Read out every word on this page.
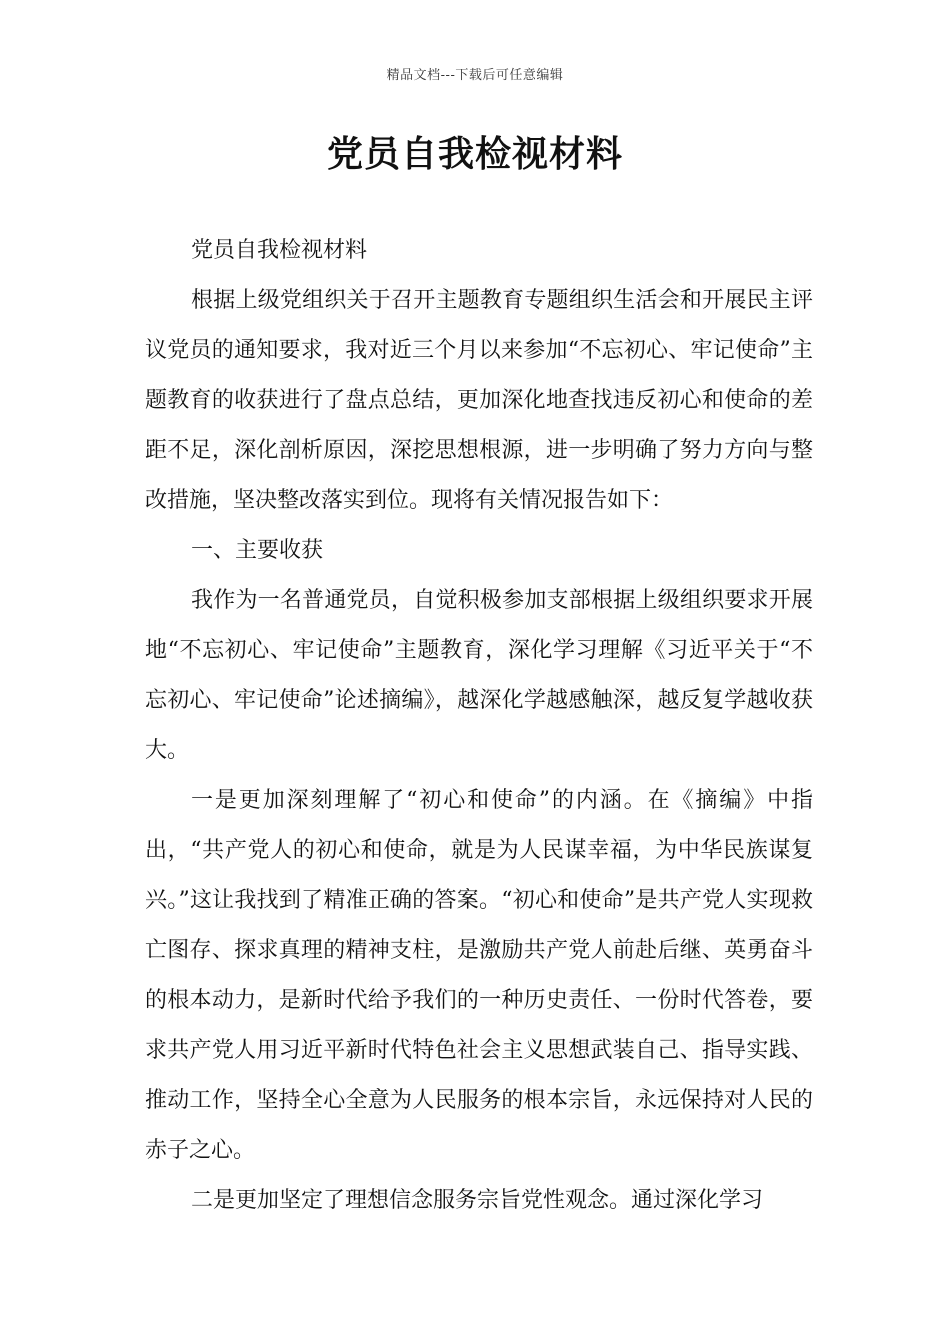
精品文档---下载后可任意编辑
党员自我检视材料

党员自我检视材料

根据上级党组织关于召开主题教育专题组织生活会和开展民主评议党员的通知要求，我对近三个月以来参加“不忘初心、牢记使命”主题教育的收获进行了盘点总结，更加深化地查找违反初心和使命的差距不足，深化剖析原因，深挖思想根源，进一步明确了努力方向与整改措施，坚决整改落实到位。现将有关情况报告如下：

一、主要收获

我作为一名普通党员，自觉积极参加支部根据上级组织要求开展地“不忘初心、牢记使命”主题教育，深化学习理解《习近平关于“不忘初心、牢记使命”论述摘编》，越深化学越感触深，越反复学越收获大。

一是更加深刻理解了“初心和使命”的内涵。在《摘编》中指出，“共产党人的初心和使命，就是为人民谋幸福，为中华民族谋复兴。”这让我找到了精准正确的答案。“初心和使命”是共产党人实现救亡图存、探求真理的精神支柱，是激励共产党人前赴后继、英勇奋斗的根本动力，是新时代给予我们的一种历史责任、一份时代答卷，要求共产党人用习近平新时代特色社会主义思想武装自己、指导实践、推动工作，坚持全心全意为人民服务的根本宗旨，永远保持对人民的赤子之心。

二是更加坚定了理想信念服务宗旨党性观念。通过深化学习
